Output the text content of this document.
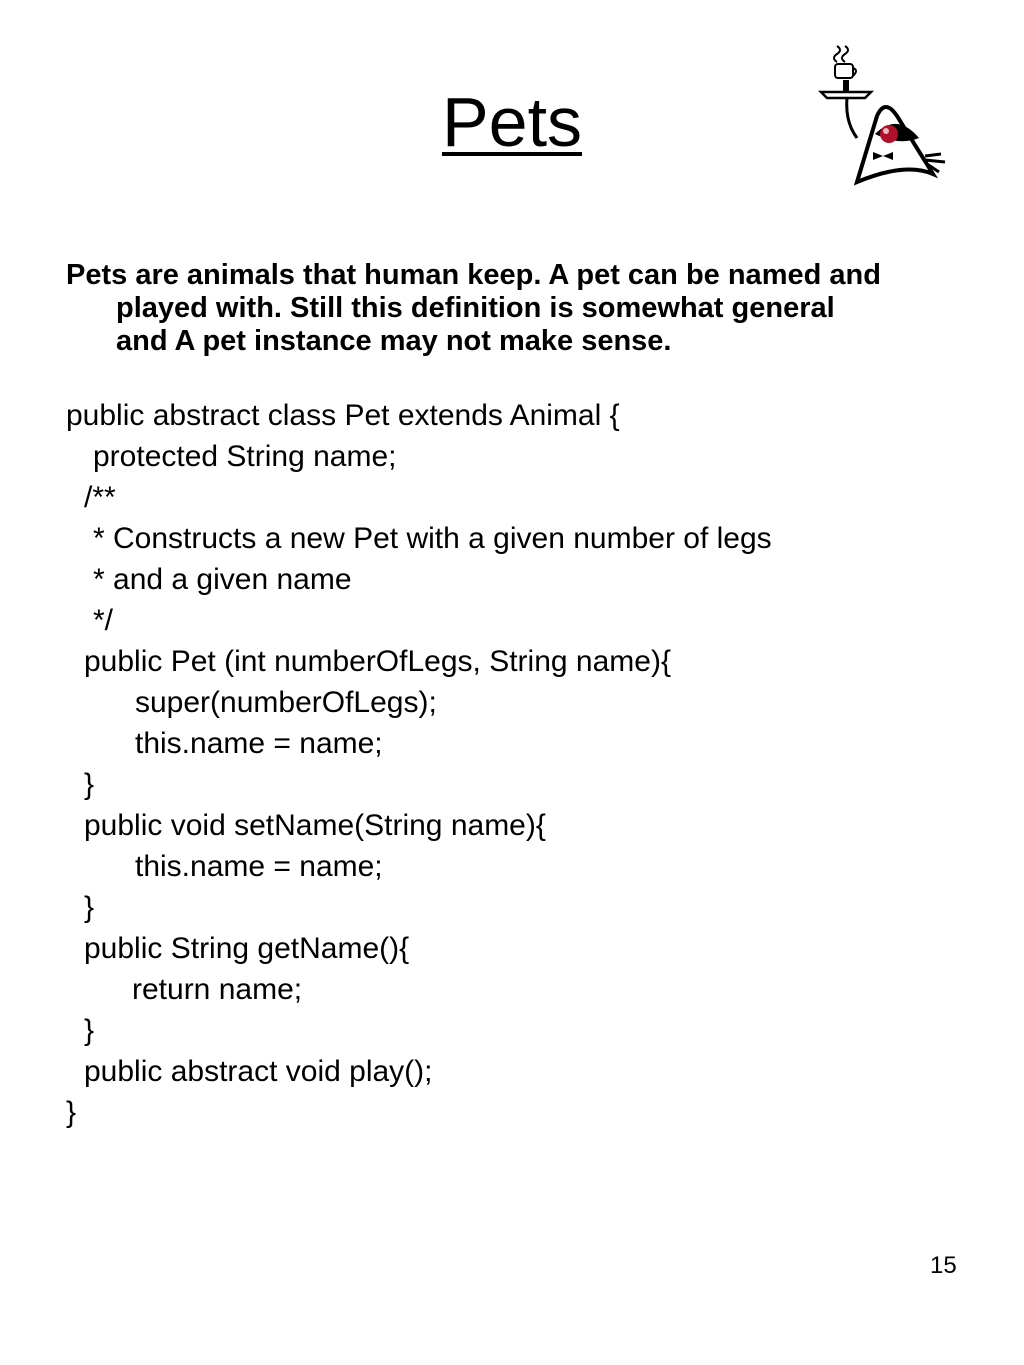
Pets

Pets are animals that human keep. A pet can be named and played with. Still this definition is somewhat general and A pet instance may not make sense.

public abstract class Pet extends Animal {
protected String name;
/**
* Constructs a new Pet with a given number of legs
* and a given name
*/
public Pet (int numberOfLegs, String name){
super(numberOfLegs);
this.name = name;
}
public void setName(String name){
this.name = name;
}
public String getName(){
return name;
}
public abstract void play();
}
15
